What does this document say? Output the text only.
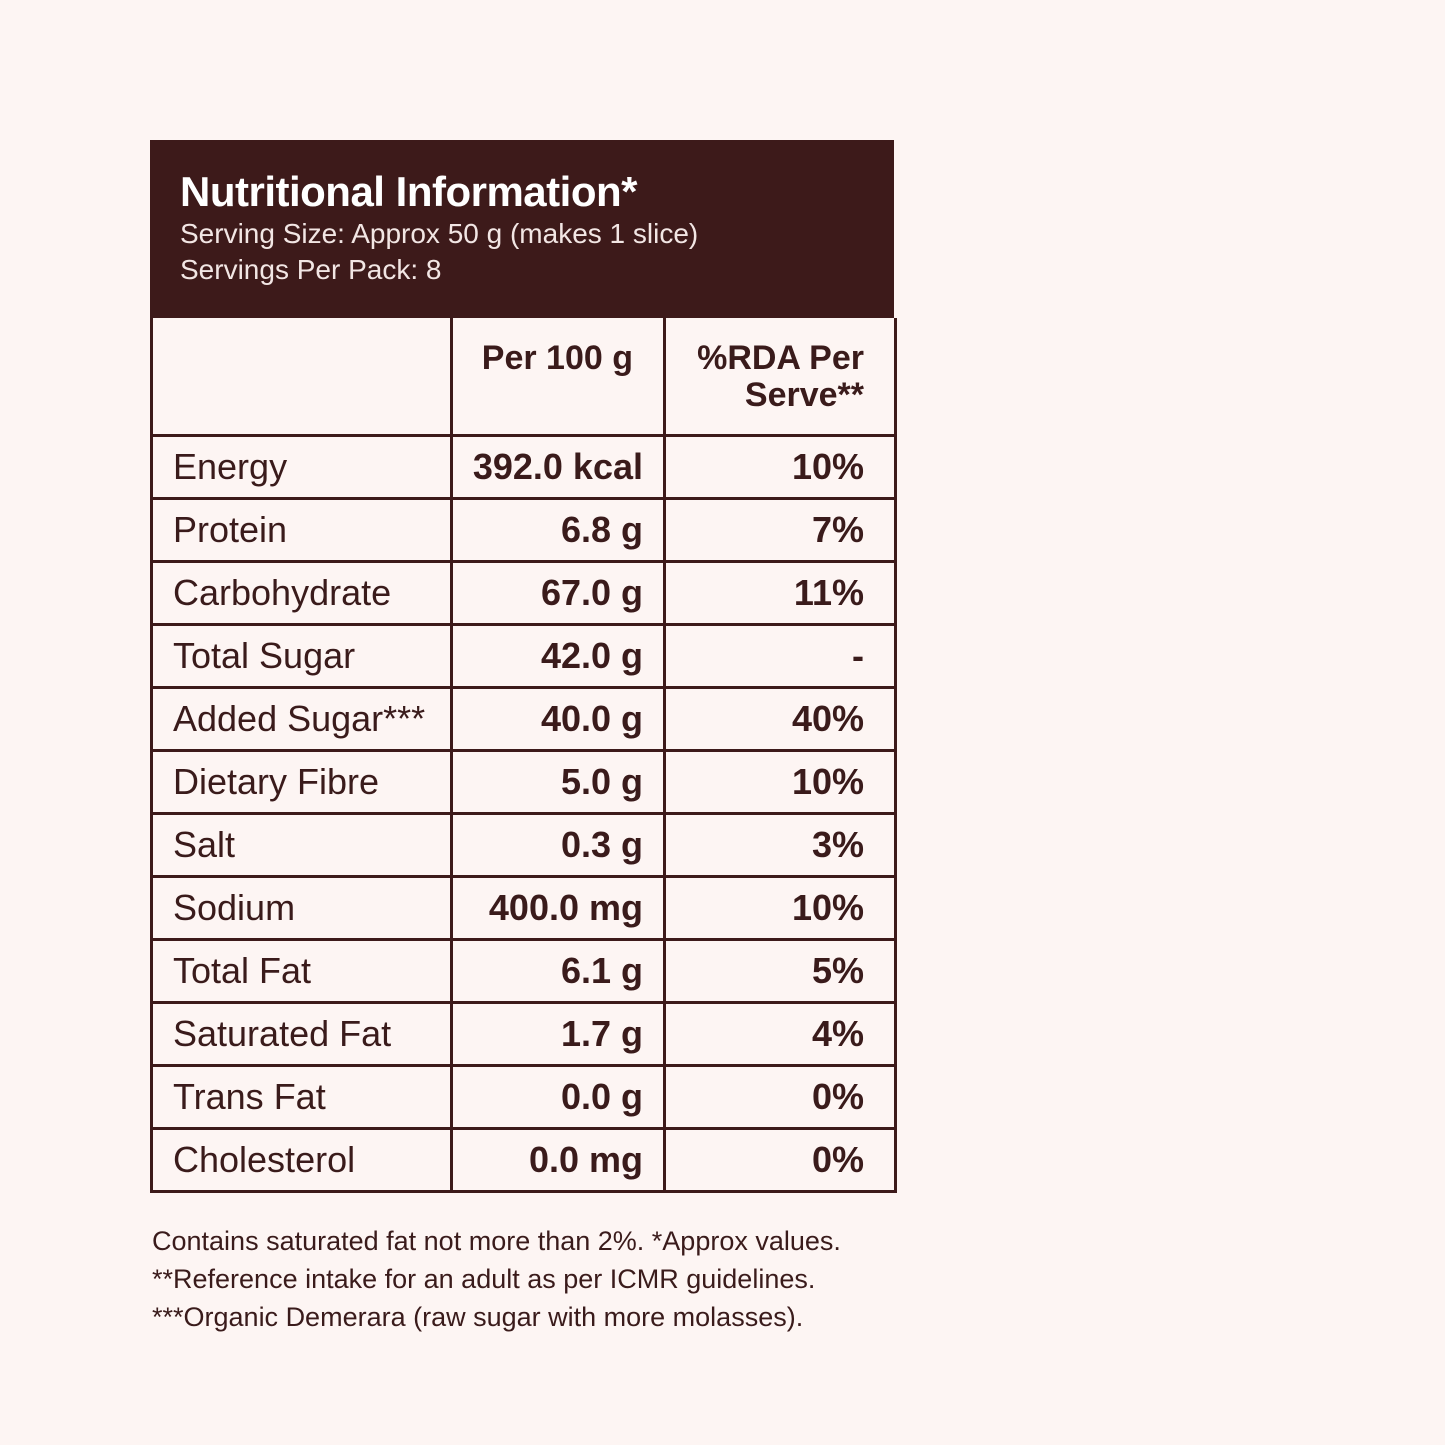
Nutritional Information*
Serving Size: Approx 50 g (makes 1 slice)
Servings Per Pack: 8
	Per 100 g	%RDA Per Serve**
Energy	392.0 kcal	10%
Protein	6.8 g	7%
Carbohydrate	67.0 g	11%
Total Sugar	42.0 g	-
Added Sugar***	40.0 g	40%
Dietary Fibre	5.0 g	10%
Salt	0.3 g	3%
Sodium	400.0 mg	10%
Total Fat	6.1 g	5%
Saturated Fat	1.7 g	4%
Trans Fat	0.0 g	0%
Cholesterol	0.0 mg	0%
Contains saturated fat not more than 2%. *Approx values.
**Reference intake for an adult as per ICMR guidelines.
***Organic Demerara (raw sugar with more molasses).
